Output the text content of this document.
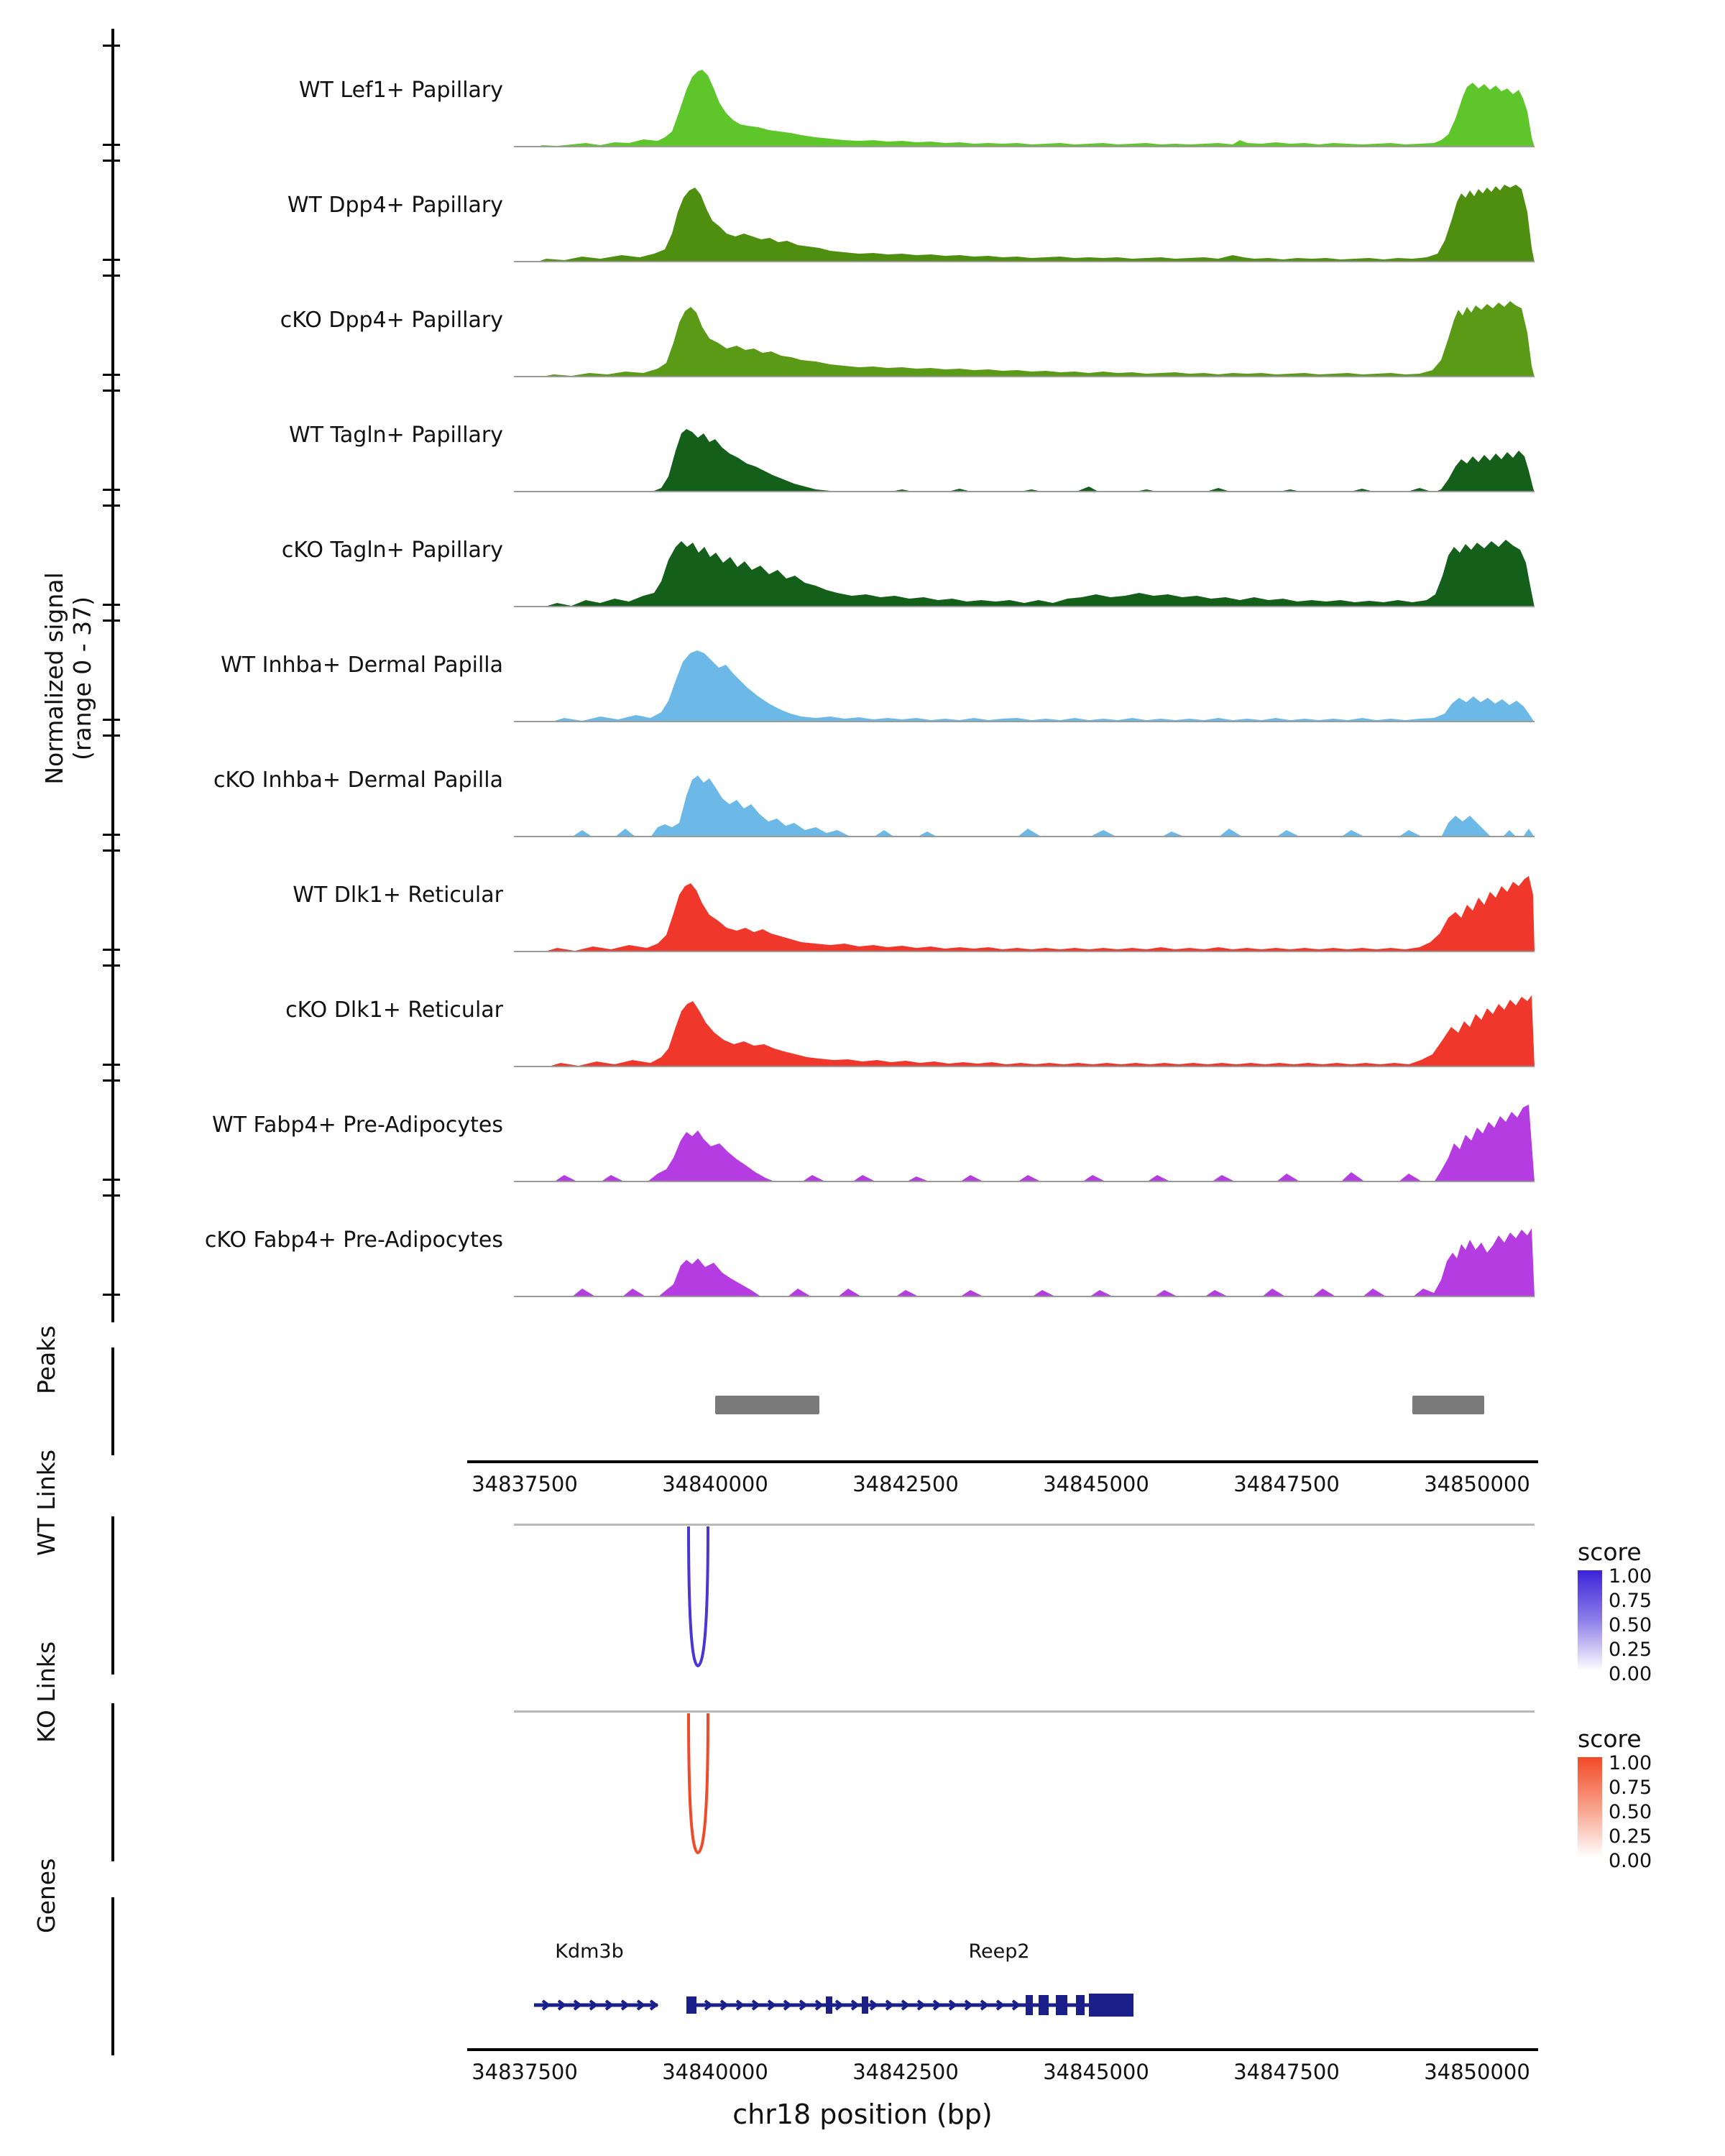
Normalized signal (range 0 - 37)
WT Lef1+ Papillary
WT Dpp4+ Papillary
cKO Dpp4+ Papillary
WT Tagln+ Papillary
cKO Tagln+ Papillary
WT Inhba+ Dermal Papilla
cKO Inhba+ Dermal Papilla
WT Dlk1+ Reticular
cKO Dlk1+ Reticular
WT Fabp4+ Pre-Adipocytes
cKO Fabp4+ Pre-Adipocytes
Peaks
34837500	34840000	34842500	34845000	34847500	34850000
WT Links	score
1.00
0.75
0.50
0.25
0.00
KO Links	score
1.00
0.75
0.50
0.25
0.00
Genes
Kdm3b	Reep2
34837500	34840000	34842500	34845000	34847500	34850000
chr18 position (bp)
